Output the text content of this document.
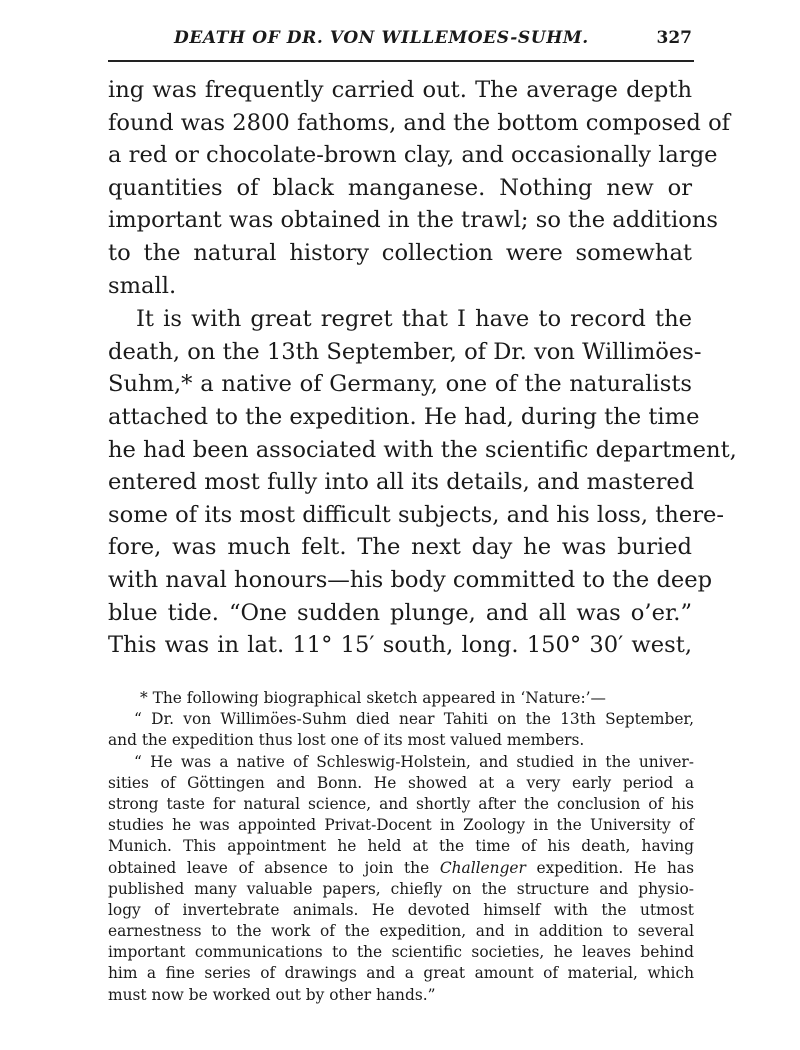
DEATH OF DR. VON WILLEMOES-SUHM.	327
ing was frequently carried out. The average depth
found was 2800 fathoms, and the bottom composed of
a red or chocolate-brown clay, and occasionally large
quantities of black manganese. Nothing new or
important was obtained in the trawl; so the additions
to the natural history collection were somewhat
small.
It is with great regret that I have to record the
death, on the 13th September, of Dr. von Willimöes-
Suhm,* a native of Germany, one of the naturalists
attached to the expedition. He had, during the time
he had been associated with the scientific department,
entered most fully into all its details, and mastered
some of its most difficult subjects, and his loss, there-
fore, was much felt. The next day he was buried
with naval honours—his body committed to the deep
blue tide. “One sudden plunge, and all was o’er.”
This was in lat. 11° 15′ south, long. 150° 30′ west,
* The following biographical sketch appeared in ‘Nature:’—
“ Dr. von Willimöes-Suhm died near Tahiti on the 13th September,
and the expedition thus lost one of its most valued members.
“ He was a native of Schleswig-Holstein, and studied in the univer-
sities of Göttingen and Bonn. He showed at a very early period a
strong taste for natural science, and shortly after the conclusion of his
studies he was appointed Privat-Docent in Zoology in the University of
Munich. This appointment he held at the time of his death, having
obtained leave of absence to join the Challenger expedition. He has
published many valuable papers, chiefly on the structure and physio-
logy of invertebrate animals. He devoted himself with the utmost
earnestness to the work of the expedition, and in addition to several
important communications to the scientific societies, he leaves behind
him a fine series of drawings and a great amount of material, which
must now be worked out by other hands.”
